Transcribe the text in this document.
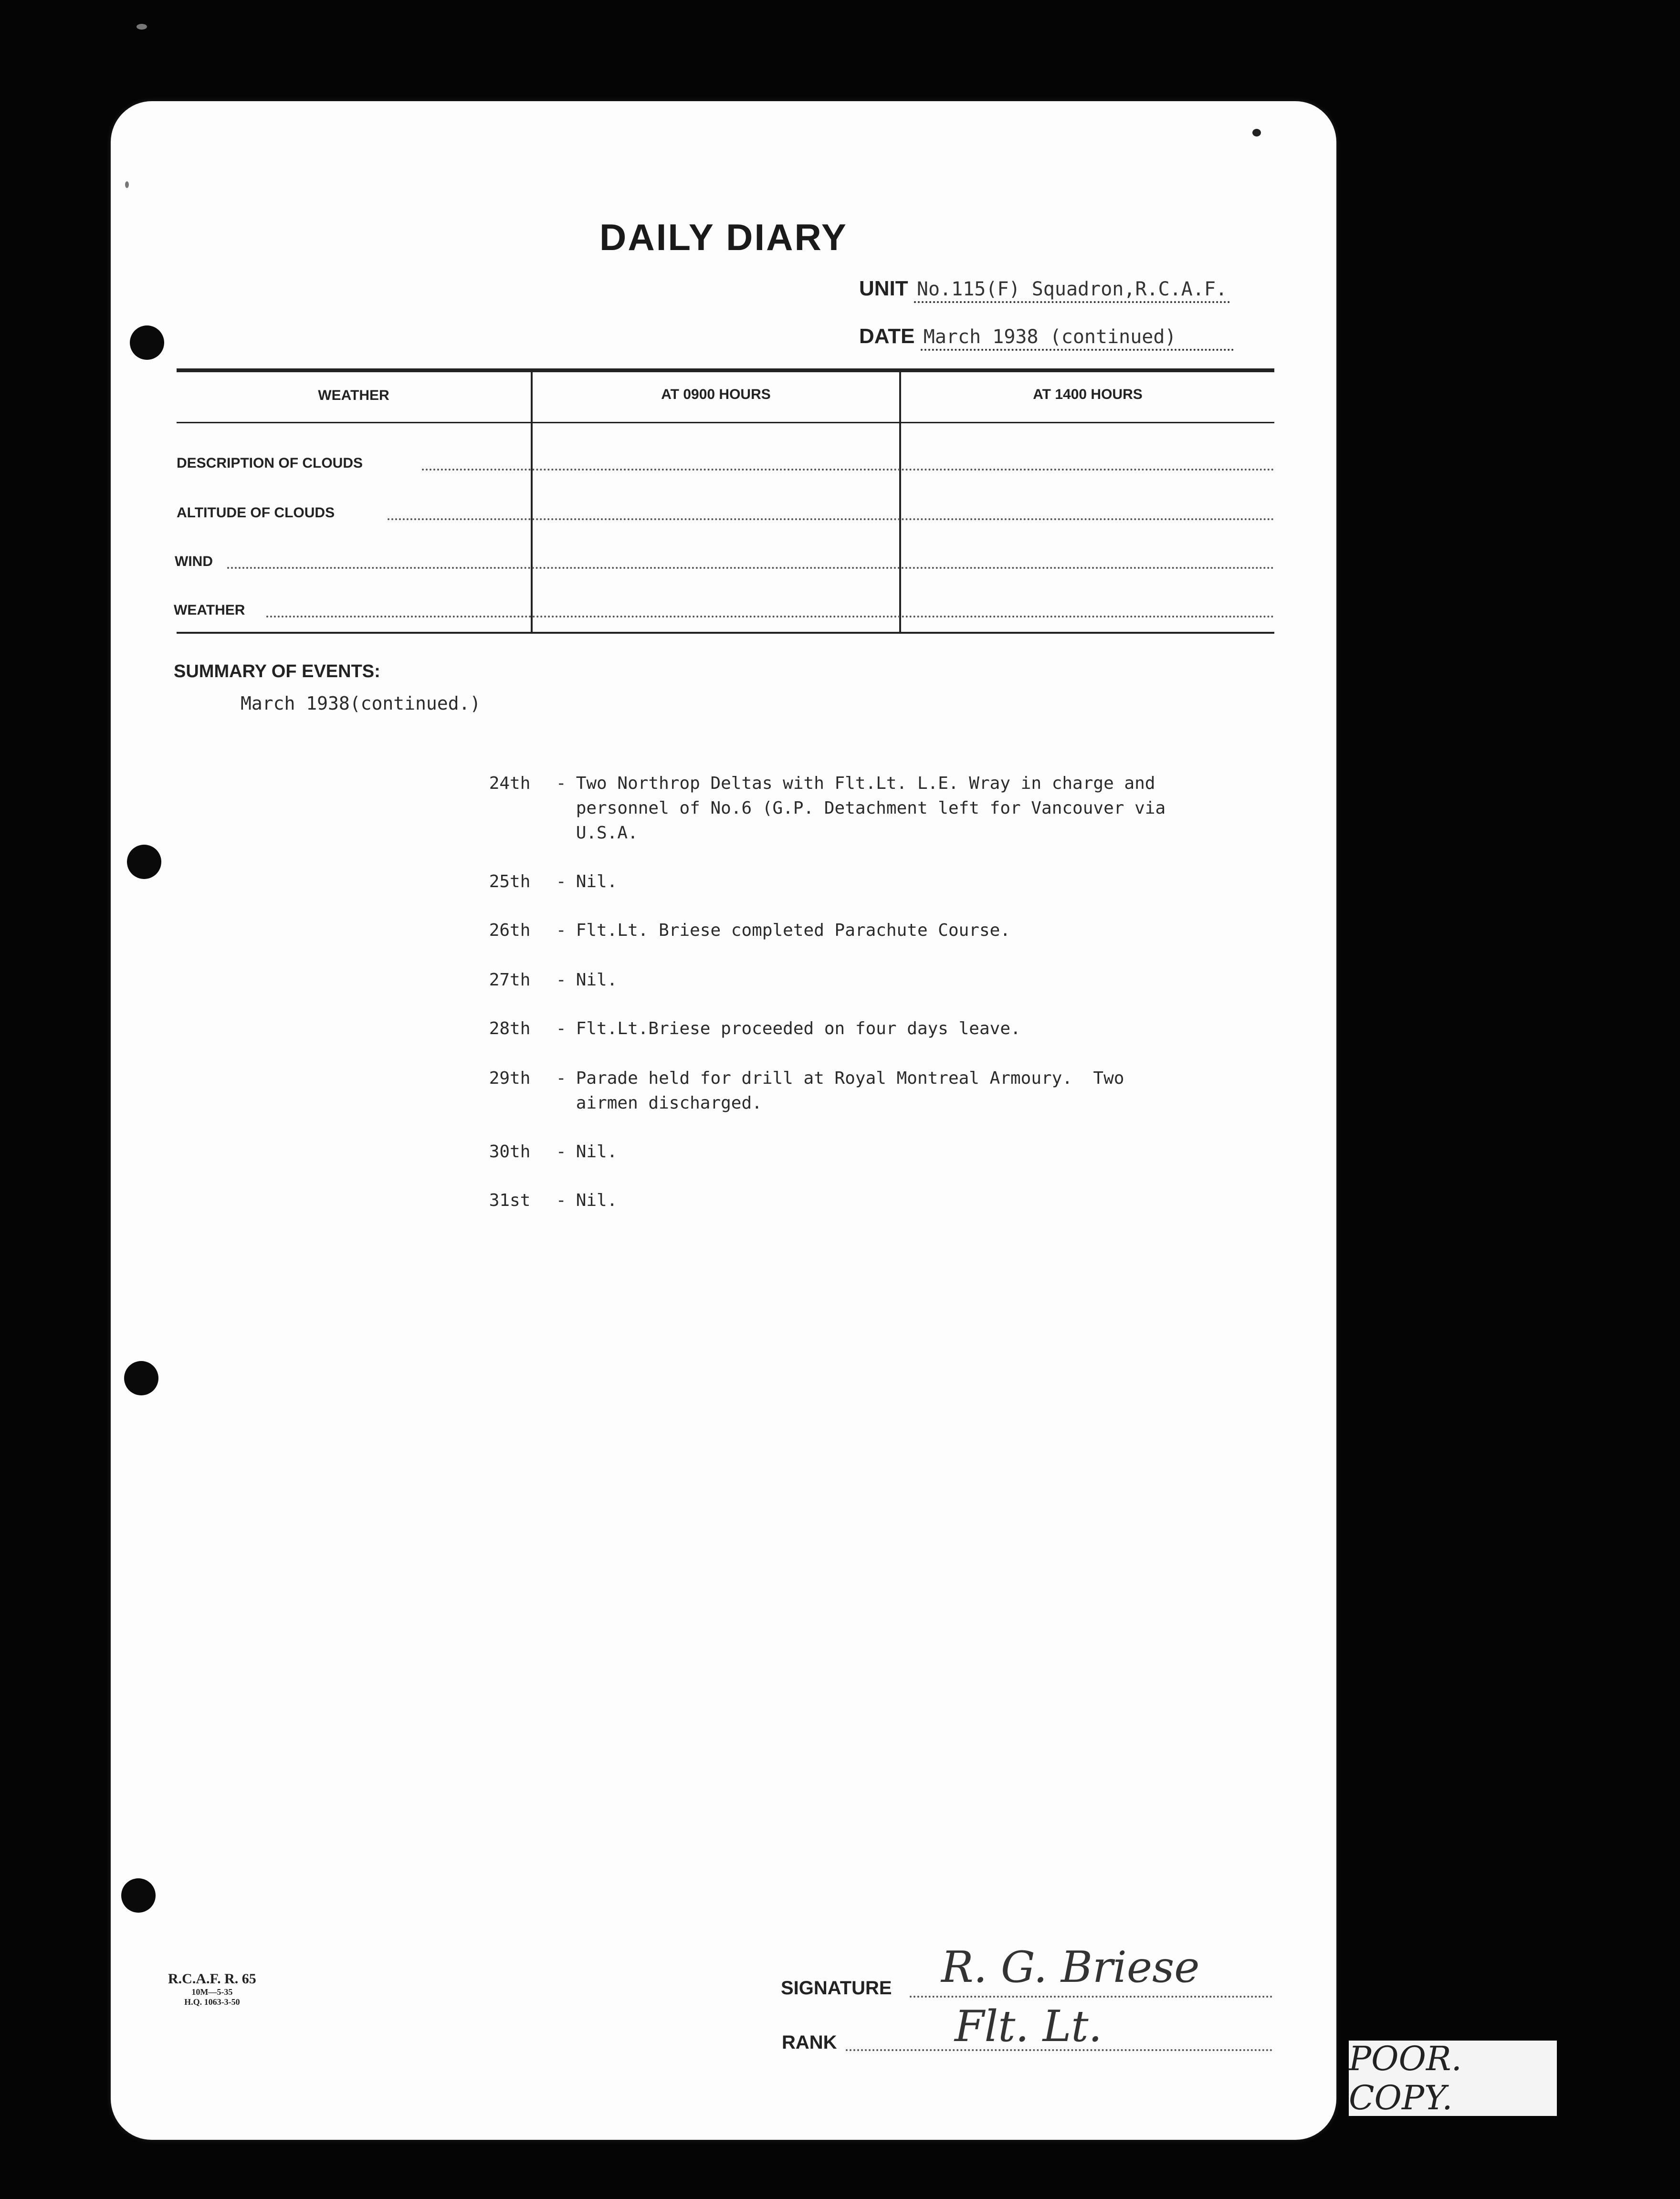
DAILY DIARY
UNIT No.115(F) Squadron,R.C.A.F.
DATE March 1938 (continued)
WEATHER	AT 0900 HOURS	AT 1400 HOURS
DESCRIPTION OF CLOUDS
ALTITUDE OF CLOUDS
WIND
WEATHER
SUMMARY OF EVENTS:
March 1938(continued.)

24th - Two Northrop Deltas with Flt.Lt. L.E. Wray in charge and
personnel of No.6 (G.P. Detachment left for Vancouver via
U.S.A.

25th - Nil.

26th - Flt.Lt. Briese completed Parachute Course.

27th - Nil.

28th - Flt.Lt.Briese proceeded on four days leave.

29th - Parade held for drill at Royal Montreal Armoury.  Two
airmen discharged.

30th - Nil.

31st - Nil.

R.C.A.F. R. 65
10M—5-35
H.Q. 1063-3-50
SIGNATURE R. G. Briese
RANK	Flt. Lt.
POOR. COPY.
